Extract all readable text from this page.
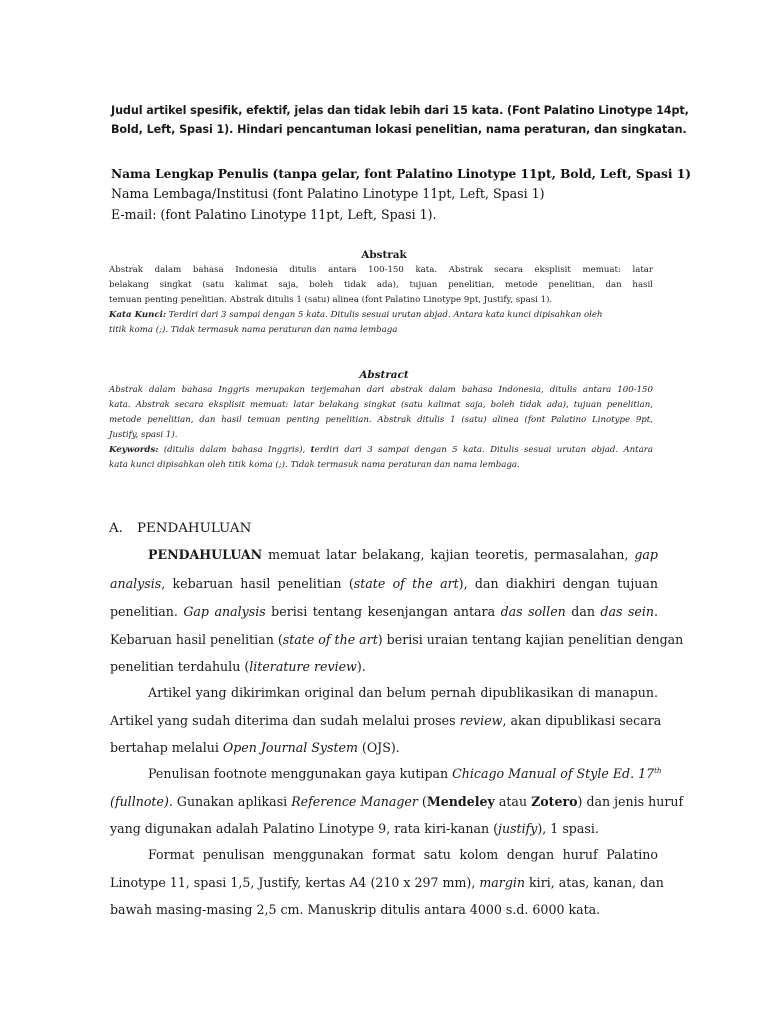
Judul artikel spesifik, efektif, jelas dan tidak lebih dari 15 kata. (Font Palatino Linotype 14pt,
Bold, Left, Spasi 1). Hindari pencantuman lokasi penelitian, nama peraturan, dan singkatan.
Nama Lengkap Penulis (tanpa gelar, font Palatino Linotype 11pt, Bold, Left, Spasi 1)
Nama Lembaga/Institusi (font Palatino Linotype 11pt, Left, Spasi 1)
E-mail: (font Palatino Linotype 11pt, Left, Spasi 1).
Abstrak
Abstrak dalam bahasa Indonesia ditulis antara 100-150 kata. Abstrak secara eksplisit memuat: latar
belakang singkat (satu kalimat saja, boleh tidak ada), tujuan penelitian, metode penelitian, dan hasil
temuan penting penelitian. Abstrak ditulis 1 (satu) alinea (font Palatino Linotype 9pt, Justify, spasi 1).
Kata Kunci: Terdiri dari 3 sampai dengan 5 kata. Ditulis sesuai urutan abjad. Antara kata kunci dipisahkan oleh
titik koma (;). Tidak termasuk nama peraturan dan nama lembaga
Abstract
Abstrak dalam bahasa Inggris merupakan terjemahan dari abstrak dalam bahasa Indonesia, ditulis antara 100-150
kata. Abstrak secara eksplisit memuat: latar belakang singkat (satu kalimat saja, boleh tidak ada), tujuan penelitian,
metode penelitian, dan hasil temuan penting penelitian. Abstrak ditulis 1 (satu) alinea (font Palatino Linotype 9pt,
Justify, spasi 1).
Keywords: (ditulis dalam bahasa Inggris), terdiri dari 3 sampai dengan 5 kata. Ditulis sesuai urutan abjad. Antara
kata kunci dipisahkan oleh titik koma (;). Tidak termasuk nama peraturan dan nama lembaga.
A. PENDAHULUAN
PENDAHULUAN memuat latar belakang, kajian teoretis, permasalahan, gap
analysis, kebaruan hasil penelitian (state of the art), dan diakhiri dengan tujuan
penelitian. Gap analysis berisi tentang kesenjangan antara das sollen dan das sein.
Kebaruan hasil penelitian (state of the art) berisi uraian tentang kajian penelitian dengan
penelitian terdahulu (literature review).
Artikel yang dikirimkan original dan belum pernah dipublikasikan di manapun.
Artikel yang sudah diterima dan sudah melalui proses review, akan dipublikasi secara
bertahap melalui Open Journal System (OJS).
Penulisan footnote menggunakan gaya kutipan Chicago Manual of Style Ed. 17th
(fullnote). Gunakan aplikasi Reference Manager (Mendeley atau Zotero) dan jenis huruf
yang digunakan adalah Palatino Linotype 9, rata kiri-kanan (justify), 1 spasi.
Format penulisan menggunakan format satu kolom dengan huruf Palatino
Linotype 11, spasi 1,5, Justify, kertas A4 (210 x 297 mm), margin kiri, atas, kanan, dan
bawah masing-masing 2,5 cm. Manuskrip ditulis antara 4000 s.d. 6000 kata.
